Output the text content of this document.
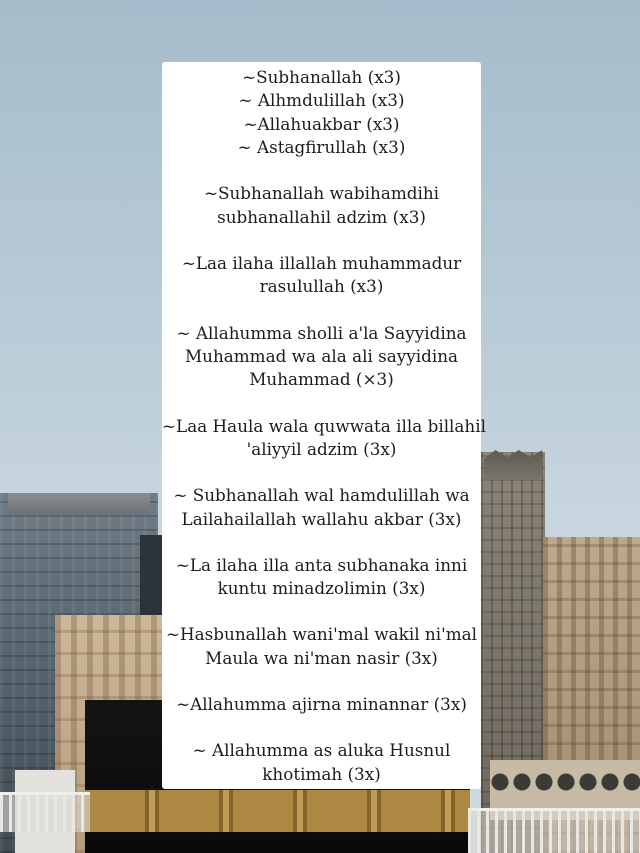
~Subhanallah (x3)
~ Alhmdulillah (x3)
~Allahuakbar (x3)
~ Astagfirullah (x3)
~Subhanallah wabihamdihi
subhanallahil adzim (x3)
~Laa ilaha illallah muhammadur
rasulullah (x3)
~ Allahumma sholli a'la Sayyidina
Muhammad wa ala ali sayyidina
Muhammad (×3)
~Laa Haula wala quwwata illa billahil
'aliyyil adzim (3x)
~ Subhanallah wal hamdulillah wa
Lailahailallah wallahu akbar (3x)
~La ilaha illa anta subhanaka inni
kuntu minadzolimin (3x)
~Hasbunallah wani'mal wakil ni'mal
Maula wa ni'man nasir (3x)
~Allahumma ajirna minannar (3x)
~ Allahumma as aluka Husnul
khotimah (3x)
